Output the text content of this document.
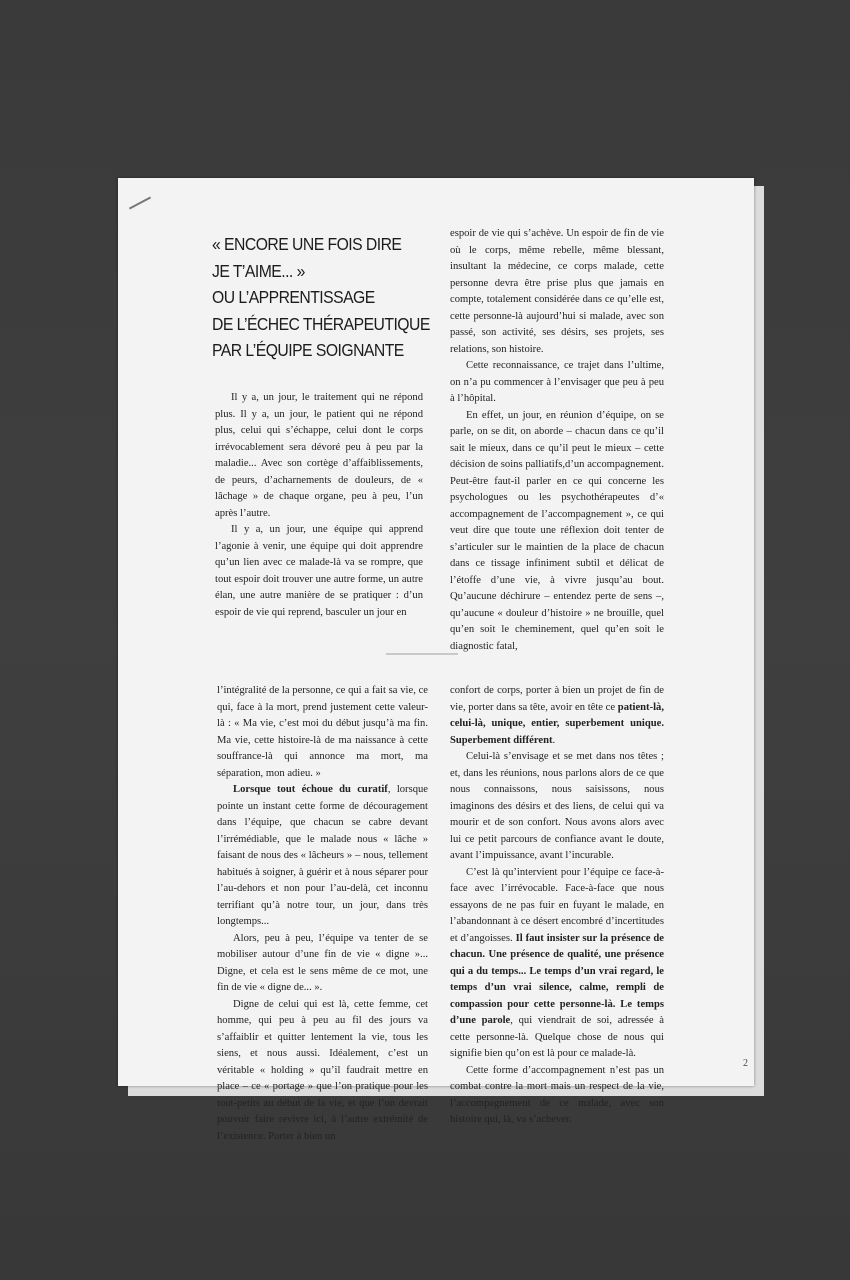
« ENCORE UNE FOIS DIRE
JE T’AIME... »
OU L’APPRENTISSAGE
DE L’ÉCHEC THÉRAPEUTIQUE
PAR L’ÉQUIPE SOIGNANTE

Il y a, un jour, le traitement qui ne répond plus. Il y a, un jour, le patient qui ne répond plus, celui qui s’échappe, celui dont le corps irrévocablement sera dévoré peu à peu par la maladie... Avec son cortège d’affaiblissements, de peurs, d’acharnements de douleurs, de « lâchage » de chaque organe, peu à peu, l’un après l’autre.

Il y a, un jour, une équipe qui apprend l’agonie à venir, une équipe qui doit apprendre qu’un lien avec ce malade-là va se rompre, que tout espoir doit trouver une autre forme, un autre élan, une autre manière de se pratiquer : d’un espoir de vie qui reprend, basculer un jour en

espoir de vie qui s’achève. Un espoir de fin de vie où le corps, même rebelle, même blessant, insultant la médecine, ce corps malade, cette personne devra être prise plus que jamais en compte, totalement considérée dans ce qu’elle est, cette personne-là aujourd’hui si malade, avec son passé, son activité, ses désirs, ses projets, ses relations, son histoire.

Cette reconnaissance, ce trajet dans l’ultime, on n’a pu commencer à l’envisager que peu à peu à l’hôpital.

En effet, un jour, en réunion d’équipe, on se parle, on se dit, on aborde – chacun dans ce qu’il sait le mieux, dans ce qu’il peut le mieux – cette décision de soins palliatifs,d’un accompagnement. Peut-être faut-il parler en ce qui concerne les psychologues ou les psychothérapeutes d’« accompagnement de l’accompagnement », ce qui veut dire que toute une réflexion doit tenter de s’articuler sur le maintien de la place de chacun dans ce tissage infiniment subtil et délicat de l’étoffe d’une vie, à vivre jusqu’au bout. Qu’aucune déchirure – entendez perte de sens –, qu’aucune « douleur d’histoire » ne brouille, quel qu’en soit le cheminement, quel qu’en soit le diagnostic fatal,

l’intégralité de la personne, ce qui a fait sa vie, ce qui, face à la mort, prend justement cette valeur-là : « Ma vie, c’est moi du début jusqu’à ma fin. Ma vie, cette histoire-là de ma naissance à cette souffrance-là qui annonce ma mort, ma séparation, mon adieu. »

Lorsque tout échoue du curatif, lorsque pointe un instant cette forme de découragement dans l’équipe, que chacun se cabre devant l’irrémédiable, que le malade nous « lâche » faisant de nous des « lâcheurs » – nous, tellement habitués à soigner, à guérir et à nous séparer pour l’au-dehors et non pour l’au-delà, cet inconnu terrifiant qu’à notre tour, un jour, dans très longtemps...

Alors, peu à peu, l’équipe va tenter de se mobiliser autour d’une fin de vie « digne »... Digne, et cela est le sens même de ce mot, une fin de vie « digne de... ».

Digne de celui qui est là, cette femme, cet homme, qui peu à peu au fil des jours va s’affaiblir et quitter lentement la vie, tous les siens, et nous aussi. Idéalement, c’est un véritable « holding » qu’il faudrait mettre en place – ce « portage » que l’on pratique pour les tout-petits au début de la vie, et que l’on devrait pouvoir faire revivre ici, à l’autre extrémité de l’existence. Porter à bien un

confort de corps, porter à bien un projet de fin de vie, porter dans sa tête, avoir en tête ce patient-là, celui-là, unique, entier, superbement unique. Superbement différent.

Celui-là s’envisage et se met dans nos têtes ; et, dans les réunions, nous parlons alors de ce que nous connaissons, nous saisissons, nous imaginons des désirs et des liens, de celui qui va mourir et de son confort. Nous avons alors avec lui ce petit parcours de confiance avant le doute, avant l’impuissance, avant l’incurable.

C’est là qu’intervient pour l’équipe ce face-à-face avec l’irrévocable. Face-à-face que nous essayons de ne pas fuir en fuyant le malade, en l’abandonnant à ce désert encombré d’incertitudes et d’angoisses. Il faut insister sur la présence de chacun. Une présence de qualité, une présence qui a du temps... Le temps d’un vrai regard, le temps d’un vrai silence, calme, rempli de compassion pour cette personne-là. Le temps d’une parole, qui viendrait de soi, adressée à cette personne-là. Quelque chose de nous qui signifie bien qu’on est là pour ce malade-là.

Cette forme d’accompagnement n’est pas un combat contre la mort mais un respect de la vie, l’accompagnement de ce malade, avec son histoire qui, là, va s’achever.

2
